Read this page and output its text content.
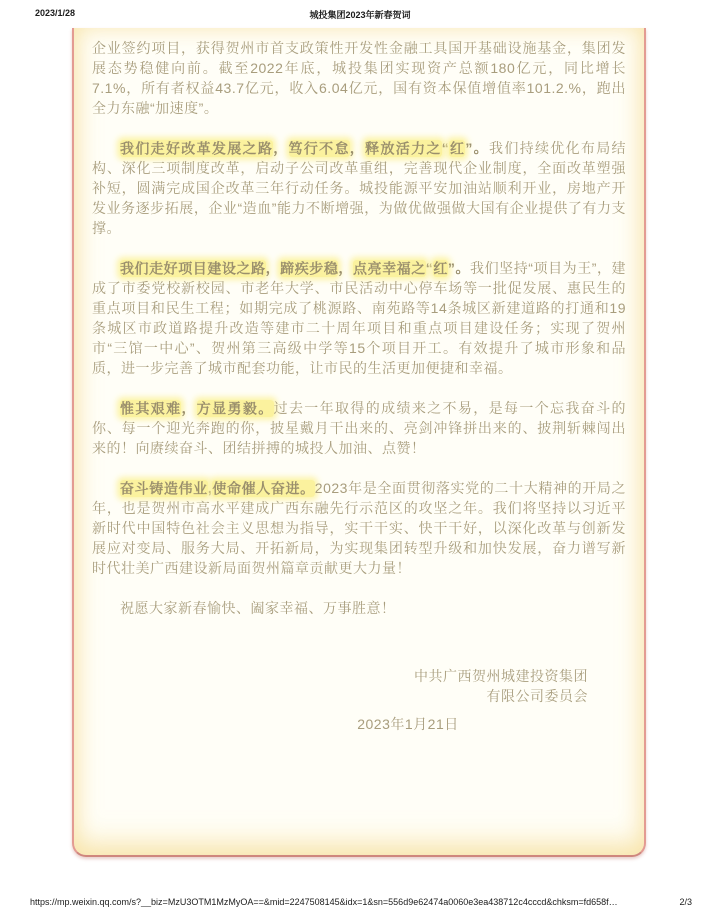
2023/1/28	城投集团2023年新春贺词

企业签约项目，获得贺州市首支政策性开发性金融工具国开基础设施基金，集团发展态势稳健向前。截至2022年底，城投集团实现资产总额180亿元，同比增长7.1%，所有者权益43.7亿元，收入6.04亿元，国有资本保值增值率101.2.%，跑出全力东融“加速度”。

我们走好改革发展之路，笃行不怠，释放活力之“红”。我们持续优化布局结构、深化三项制度改革，启动子公司改革重组，完善现代企业制度，全面改革塑强补短，圆满完成国企改革三年行动任务。城投能源平安加油站顺利开业，房地产开发业务逐步拓展，企业“造血”能力不断增强，为做优做强做大国有企业提供了有力支撑。

我们走好项目建设之路，蹄疾步稳，点亮幸福之“红”。我们坚持“项目为王”，建成了市委党校新校园、市老年大学、市民活动中心停车场等一批促发展、惠民生的重点项目和民生工程；如期完成了桃源路、南苑路等14条城区新建道路的打通和19条城区市政道路提升改造等建市二十周年项目和重点项目建设任务；实现了贺州市“三馆一中心”、贺州第三高级中学等15个项目开工。有效提升了城市形象和品质，进一步完善了城市配套功能，让市民的生活更加便捷和幸福。

惟其艰难，方显勇毅。过去一年取得的成绩来之不易，是每一个忘我奋斗的你、每一个迎光奔跑的你，披星戴月干出来的、亮剑冲锋拼出来的、披荆斩棘闯出来的！向赓续奋斗、团结拼搏的城投人加油、点赞！

奋斗铸造伟业,使命催人奋进。2023年是全面贯彻落实党的二十大精神的开局之年，也是贺州市高水平建成广西东融先行示范区的攻坚之年。我们将坚持以习近平新时代中国特色社会主义思想为指导，实干干实、快干干好，以深化改革与创新发展应对变局、服务大局、开拓新局，为实现集团转型升级和加快发展，奋力谱写新时代壮美广西建设新局面贺州篇章贡献更大力量！

祝愿大家新春愉快、阖家幸福、万事胜意！

中共广西贺州城建投资集团
有限公司委员会
2023年1月21日
https://mp.weixin.qq.com/s?__biz=MzU3OTM1MzMyOA==&mid=2247508145&idx=1&sn=556d9e62474a0060e3ea438712c4cccd&chksm=fd658f…	2/3
